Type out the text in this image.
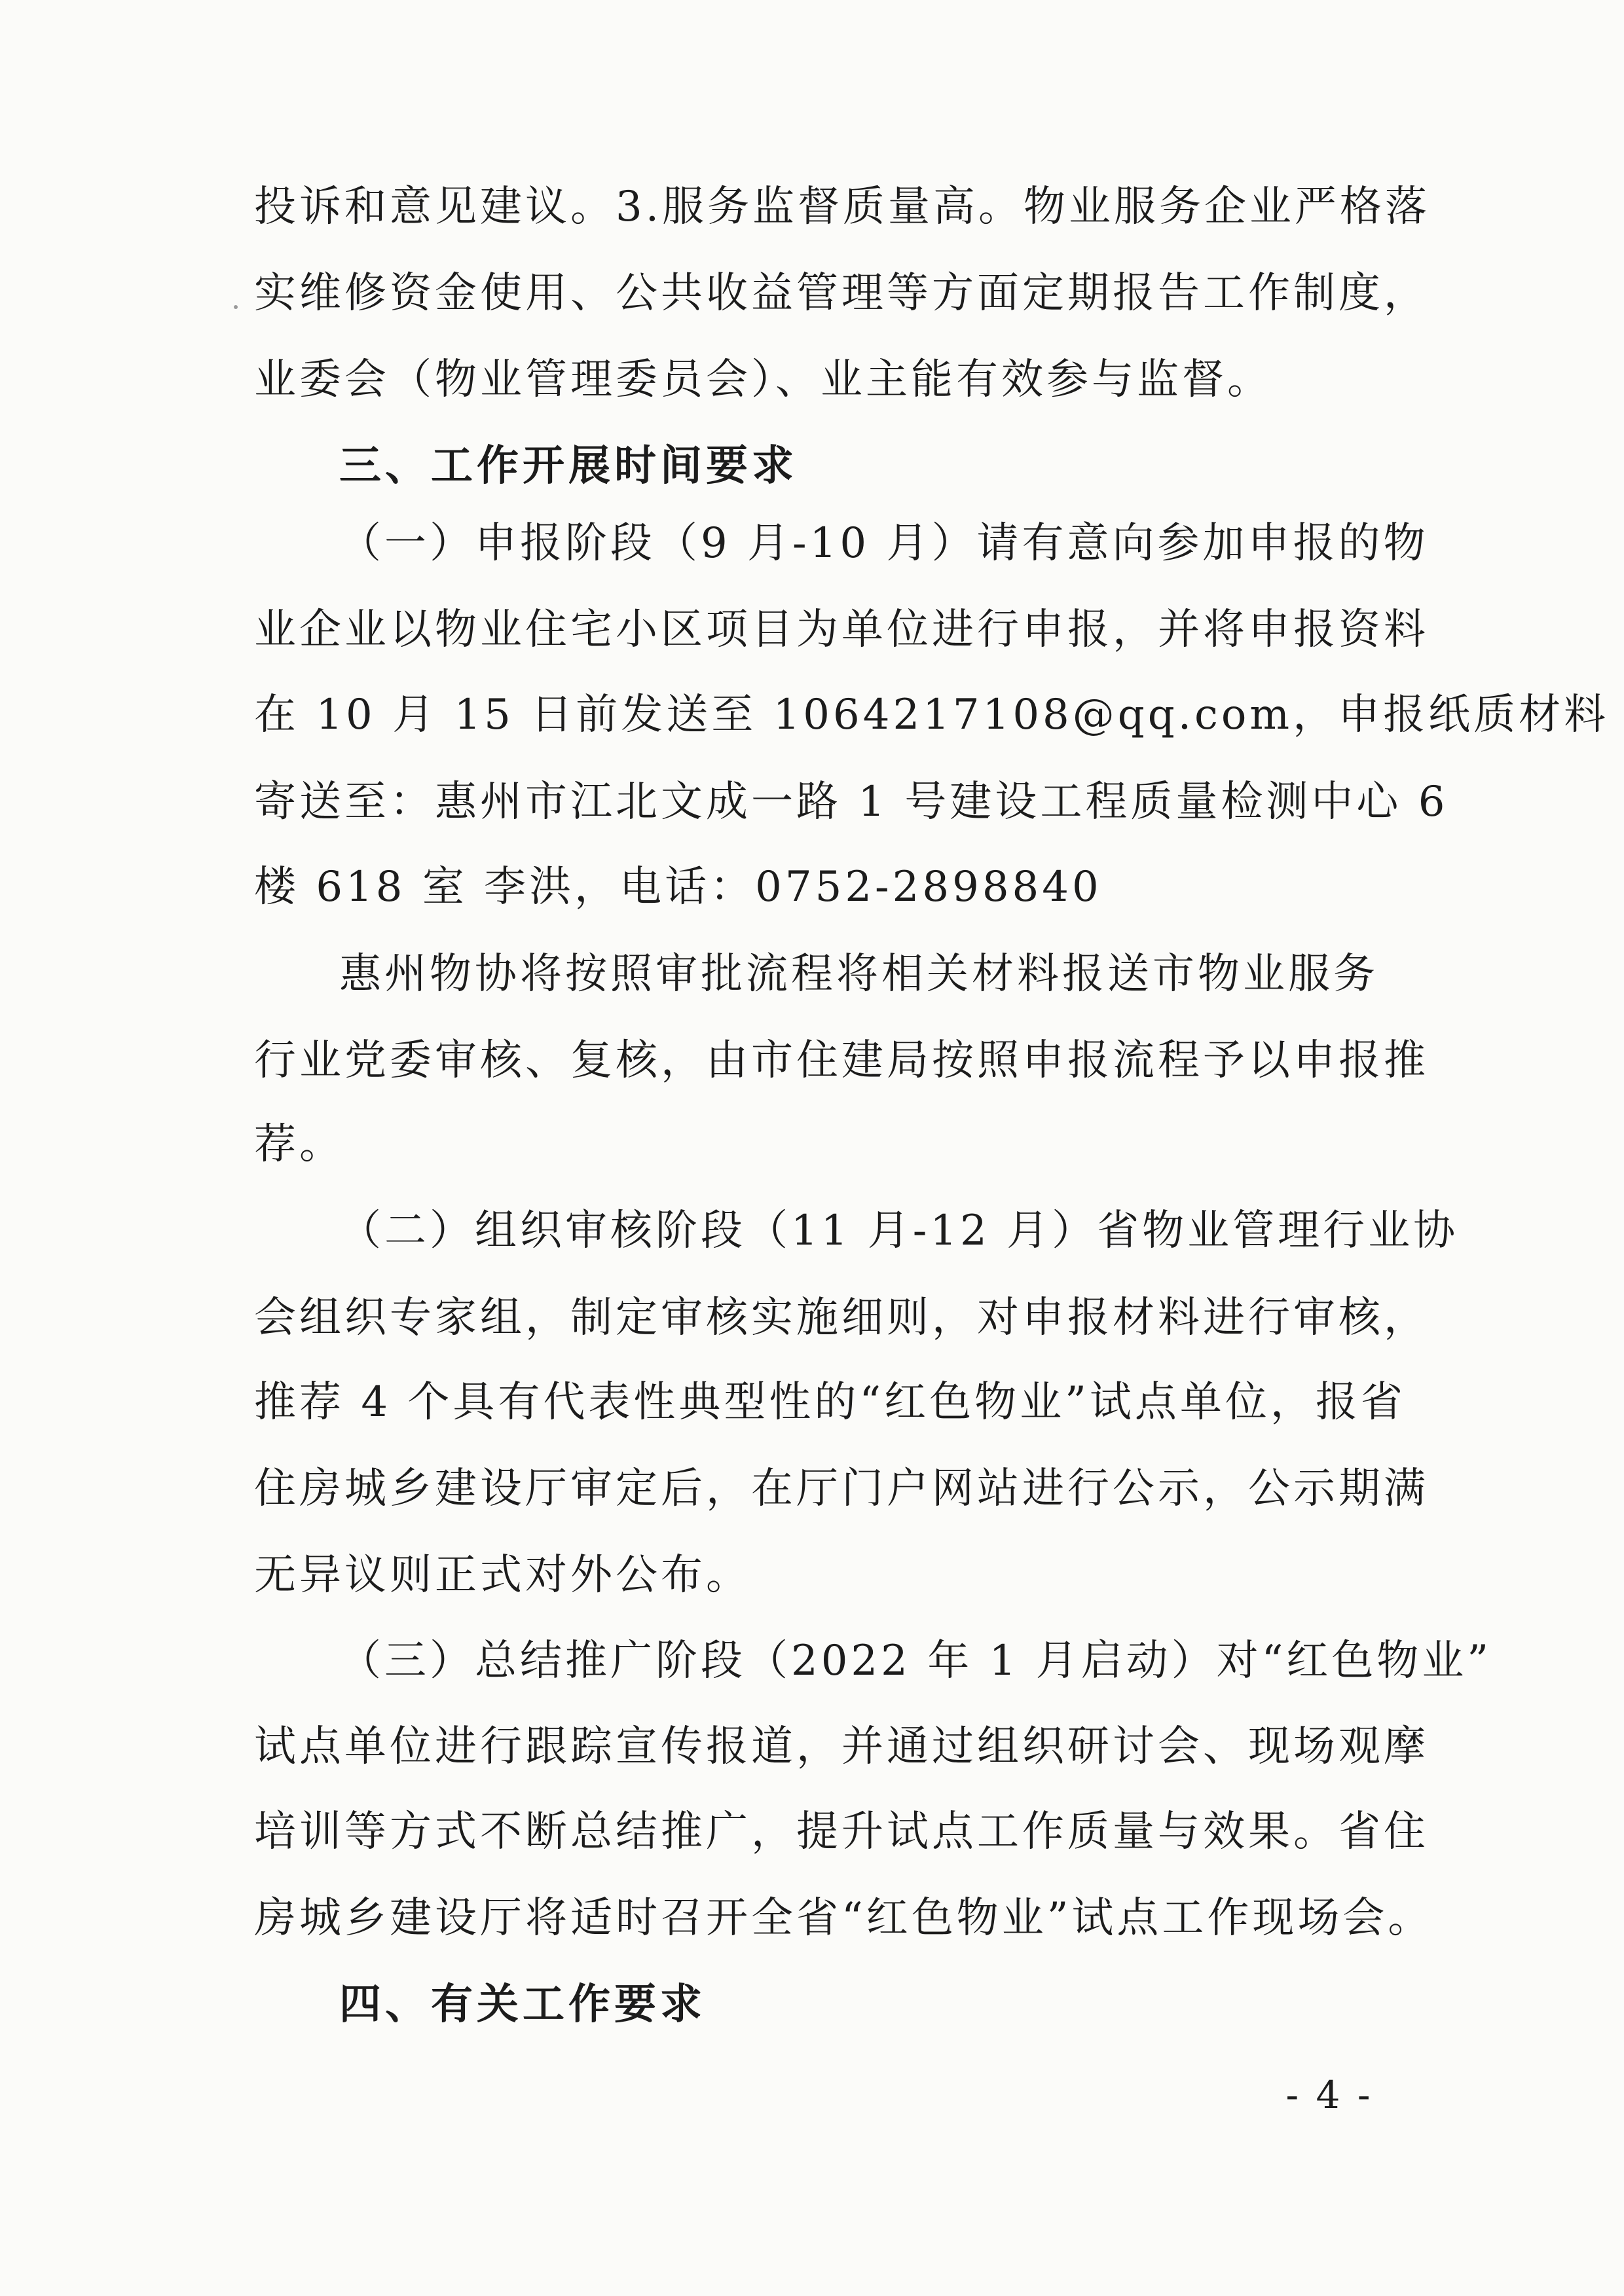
投诉和意见建议。3.服务监督质量高。物业服务企业严格落
实维修资金使用、公共收益管理等方面定期报告工作制度，
业委会（物业管理委员会）、业主能有效参与监督。
三、工作开展时间要求
（一）申报阶段（9 月-10 月）请有意向参加申报的物
业企业以物业住宅小区项目为单位进行申报，并将申报资料
在 10 月 15 日前发送至 1064217108@qq.com，申报纸质材料
寄送至：惠州市江北文成一路 1 号建设工程质量检测中心 6
楼 618 室 李洪，电话：0752-2898840
惠州物协将按照审批流程将相关材料报送市物业服务
行业党委审核、复核，由市住建局按照申报流程予以申报推
荐。
（二）组织审核阶段（11 月-12 月）省物业管理行业协
会组织专家组，制定审核实施细则，对申报材料进行审核，
推荐 4 个具有代表性典型性的“红色物业”试点单位，报省
住房城乡建设厅审定后，在厅门户网站进行公示，公示期满
无异议则正式对外公布。
（三）总结推广阶段（2022 年 1 月启动）对“红色物业”
试点单位进行跟踪宣传报道，并通过组织研讨会、现场观摩
培训等方式不断总结推广，提升试点工作质量与效果。省住
房城乡建设厅将适时召开全省“红色物业”试点工作现场会。
四、有关工作要求
- 4 -
